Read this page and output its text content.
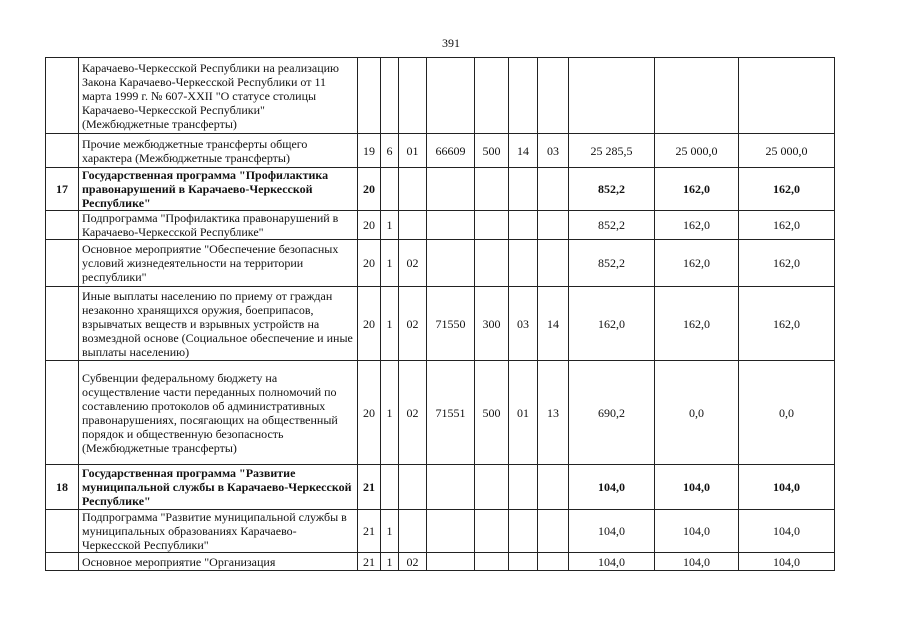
391
	Карачаево-Черкесской Республики на реализацию Закона Карачаево-Черкесской Республики от 11 марта 1999 г. № 607-XXII "О статусе столицы Карачаево-Черкесской Республики" (Межбюджетные трансферты)										
	Прочие межбюджетные трансферты общего характера (Межбюджетные трансферты)	19	6	01	66609	500	14	03	25 285,5	25 000,0	25 000,0
17	Государственная программа "Профилактика правонарушений в Карачаево-Черкесской Республике"	20							852,2	162,0	162,0
	Подпрограмма "Профилактика правонарушений в Карачаево-Черкесской Республике"	20	1						852,2	162,0	162,0
	Основное мероприятие "Обеспечение безопасных условий жизнедеятельности на территории республики"	20	1	02					852,2	162,0	162,0
	Иные выплаты населению по приему от граждан незаконно хранящихся оружия, боеприпасов, взрывчатых веществ и взрывных устройств на возмездной основе (Социальное обеспечение и иные выплаты населению)	20	1	02	71550	300	03	14	162,0	162,0	162,0
	Субвенции федеральному бюджету на осуществление части переданных полномочий по составлению протоколов об административных правонарушениях, посягающих на общественный порядок и общественную безопасность (Межбюджетные трансферты)	20	1	02	71551	500	01	13	690,2	0,0	0,0
18	Государственная программа "Развитие муниципальной службы в Карачаево-Черкесской Республике"	21							104,0	104,0	104,0
	Подпрограмма "Развитие муниципальной службы в муниципальных образованиях Карачаево-Черкесской Республики"	21	1						104,0	104,0	104,0
	Основное мероприятие "Организация	21	1	02					104,0	104,0	104,0
